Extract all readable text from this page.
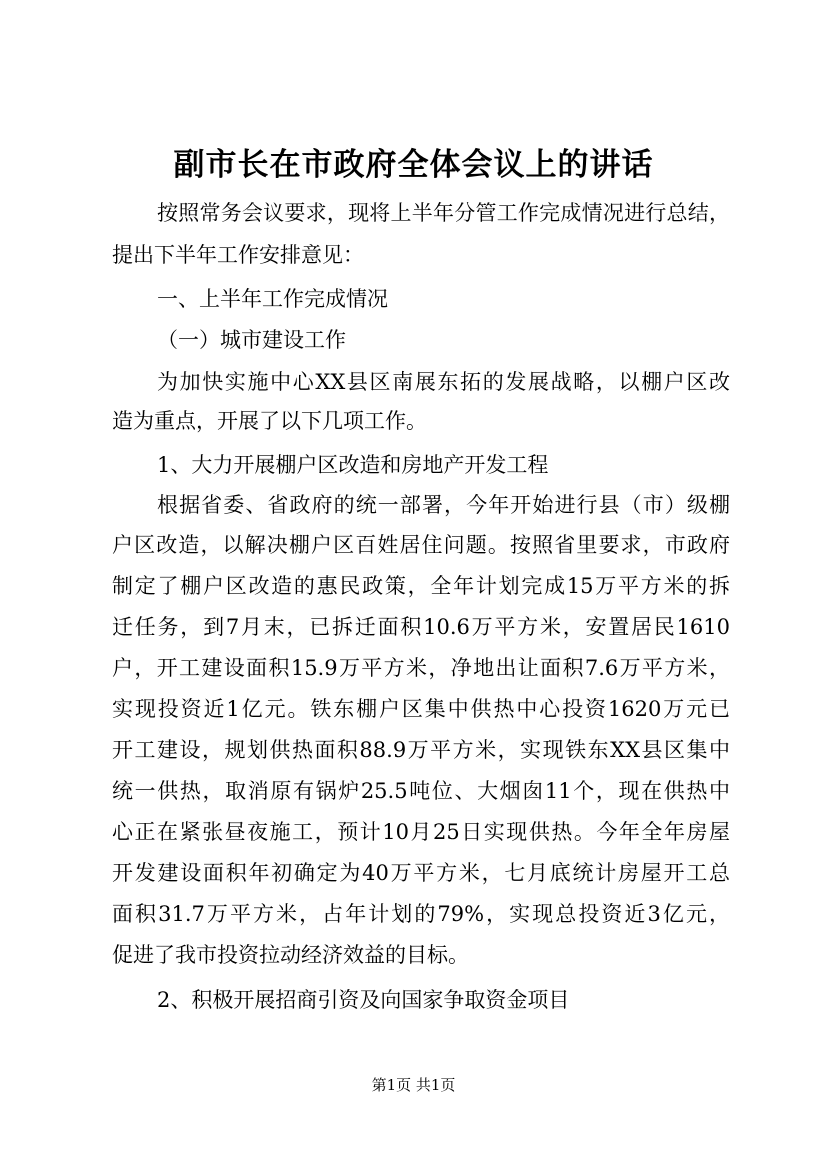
副市长在市政府全体会议上的讲话
按照常务会议要求，现将上半年分管工作完成情况进行总结，
提出下半年工作安排意见：
一、上半年工作完成情况
（一）城市建设工作
为加快实施中心XX县区南展东拓的发展战略，以棚户区改
造为重点，开展了以下几项工作。
1、大力开展棚户区改造和房地产开发工程
根据省委、省政府的统一部署，今年开始进行县（市）级棚
户区改造，以解决棚户区百姓居住问题。按照省里要求，市政府
制定了棚户区改造的惠民政策，全年计划完成15万平方米的拆
迁任务，到7月末，已拆迁面积10.6万平方米，安置居民1610
户，开工建设面积15.9万平方米，净地出让面积7.6万平方米，
实现投资近1亿元。铁东棚户区集中供热中心投资1620万元已
开工建设，规划供热面积88.9万平方米，实现铁东XX县区集中
统一供热，取消原有锅炉25.5吨位、大烟囱11个，现在供热中
心正在紧张昼夜施工，预计10月25日实现供热。今年全年房屋
开发建设面积年初确定为40万平方米，七月底统计房屋开工总
面积31.7万平方米，占年计划的79%，实现总投资近3亿元，
促进了我市投资拉动经济效益的目标。
2、积极开展招商引资及向国家争取资金项目
第1页 共1页
